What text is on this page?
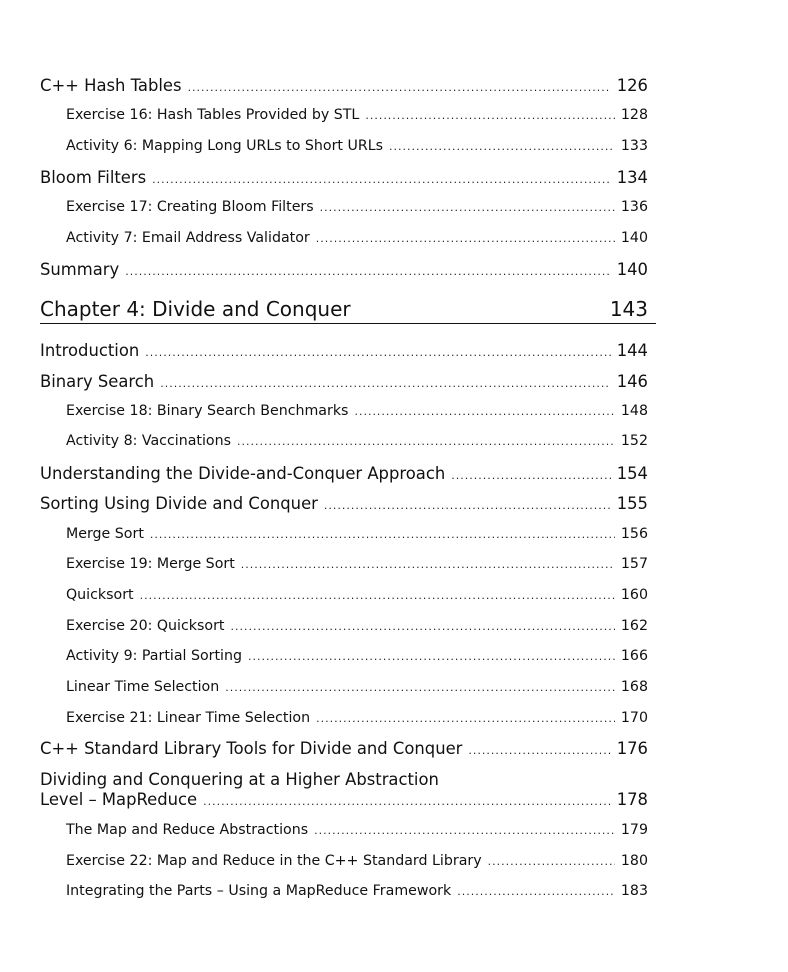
C++ Hash Tables .....	126
Exercise 16: Hash Tables Provided by STL .....	128
Activity 6: Mapping Long URLs to Short URLs .....	133
Bloom Filters .....	134
Exercise 17: Creating Bloom Filters .....	136
Activity 7: Email Address Validator .....	140
Summary .....	140
Chapter 4: Divide and Conquer	143
Introduction .....	144
Binary Search .....	146
Exercise 18: Binary Search Benchmarks .....	148
Activity 8: Vaccinations .....	152
Understanding the Divide-and-Conquer Approach .....	154
Sorting Using Divide and Conquer .....	155
Merge Sort .....	156
Exercise 19: Merge Sort .....	157
Quicksort .....	160
Exercise 20: Quicksort .....	162
Activity 9: Partial Sorting .....	166
Linear Time Selection .....	168
Exercise 21: Linear Time Selection .....	170
C++ Standard Library Tools for Divide and Conquer .....	176
Dividing and Conquering at a Higher Abstraction
Level – MapReduce .....	178
The Map and Reduce Abstractions .....	179
Exercise 22: Map and Reduce in the C++ Standard Library .....	180
Integrating the Parts – Using a MapReduce Framework .....	183
